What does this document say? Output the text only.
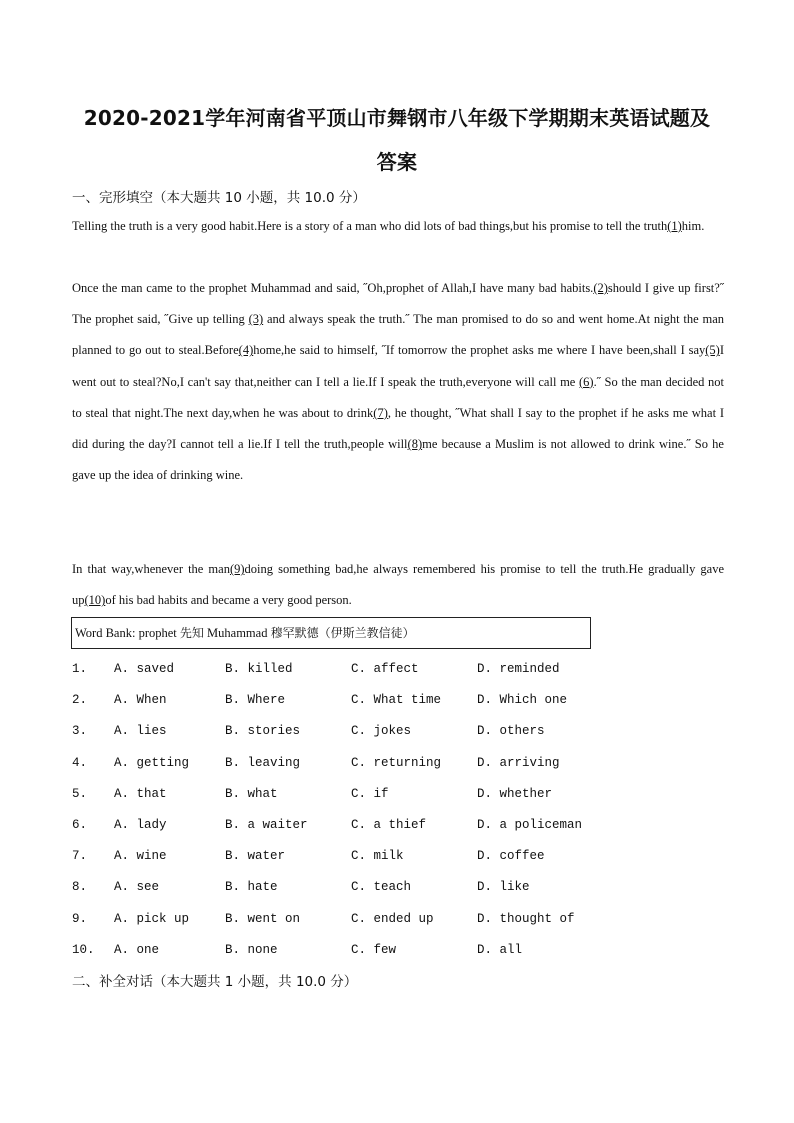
2020-2021学年河南省平顶山市舞钢市八年级下学期期末英语试题及
答案
一、完形填空（本大题共 10 小题，共 10.0 分）
Telling the truth is a very good habit.Here is a story of a man who did lots of bad things,but his promise to tell the truth(1)him.
Once the man came to the prophet Muhammad and said, ˝Oh,prophet of Allah,I have many bad habits.(2)should I give up first?˝ The prophet said, ˝Give up telling (3) and always speak the truth.˝ The man promised to do so and went home.At night the man planned to go out to steal.Before(4)home,he said to himself, ˝If tomorrow the prophet asks me where I have been,shall I say(5)I went out to steal?No,I can't say that,neither can I tell a lie.If I speak the truth,everyone will call me (6).˝ So the man decided not to steal that night.The next day,when he was about to drink(7), he thought, ˝What shall I say to the prophet if he asks me what I did during the day?I cannot tell a lie.If I tell the truth,people will(8)me because a Muslim is not allowed to drink wine.˝ So he gave up the idea of drinking wine.
In that way,whenever the man(9)doing something bad,he always remembered his promise to tell the truth.He gradually gave up(10)of his bad habits and became a very good person.
Word Bank: prophet 先知 Muhammad 穆罕默德（伊斯兰教信徒）
1. A. saved	B. killed	C. affect	D. reminded
2. A. When	B. Where	C. What time	D. Which one
3. A. lies	B. stories	C. jokes	D. others
4. A. getting	B. leaving	C. returning	D. arriving
5. A. that	B. what	C. if	D. whether
6. A. lady	B. a waiter	C. a thief	D. a policeman
7. A. wine	B. water	C. milk	D. coffee
8. A. see	B. hate	C. teach	D. like
9. A. pick up	B. went on	C. ended up	D. thought of
10. A. one	B. none	C. few	D. all
二、补全对话（本大题共 1 小题，共 10.0 分）
